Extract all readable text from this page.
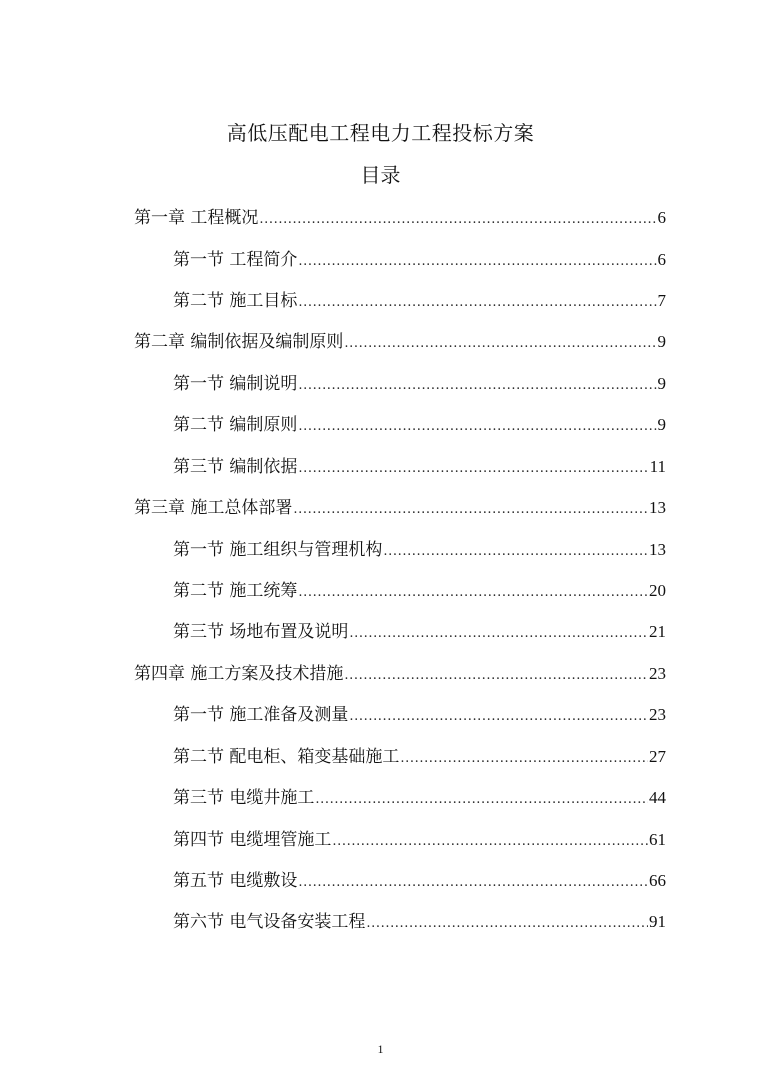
高低压配电工程电力工程投标方案
目录
第一章 工程概况 .....	6
第一节 工程简介 .....	6
第二节 施工目标 .....	7
第二章 编制依据及编制原则 .....	9
第一节 编制说明 .....	9
第二节 编制原则 .....	9
第三节 编制依据 .....	11
第三章 施工总体部署 .....	13
第一节 施工组织与管理机构 .....	13
第二节 施工统筹 .....	20
第三节 场地布置及说明 .....	21
第四章 施工方案及技术措施 .....	23
第一节 施工准备及测量 .....	23
第二节 配电柜、箱变基础施工 .....	27
第三节 电缆井施工 .....	44
第四节 电缆埋管施工 .....	61
第五节 电缆敷设 .....	66
第六节 电气设备安装工程 .....	91
1
